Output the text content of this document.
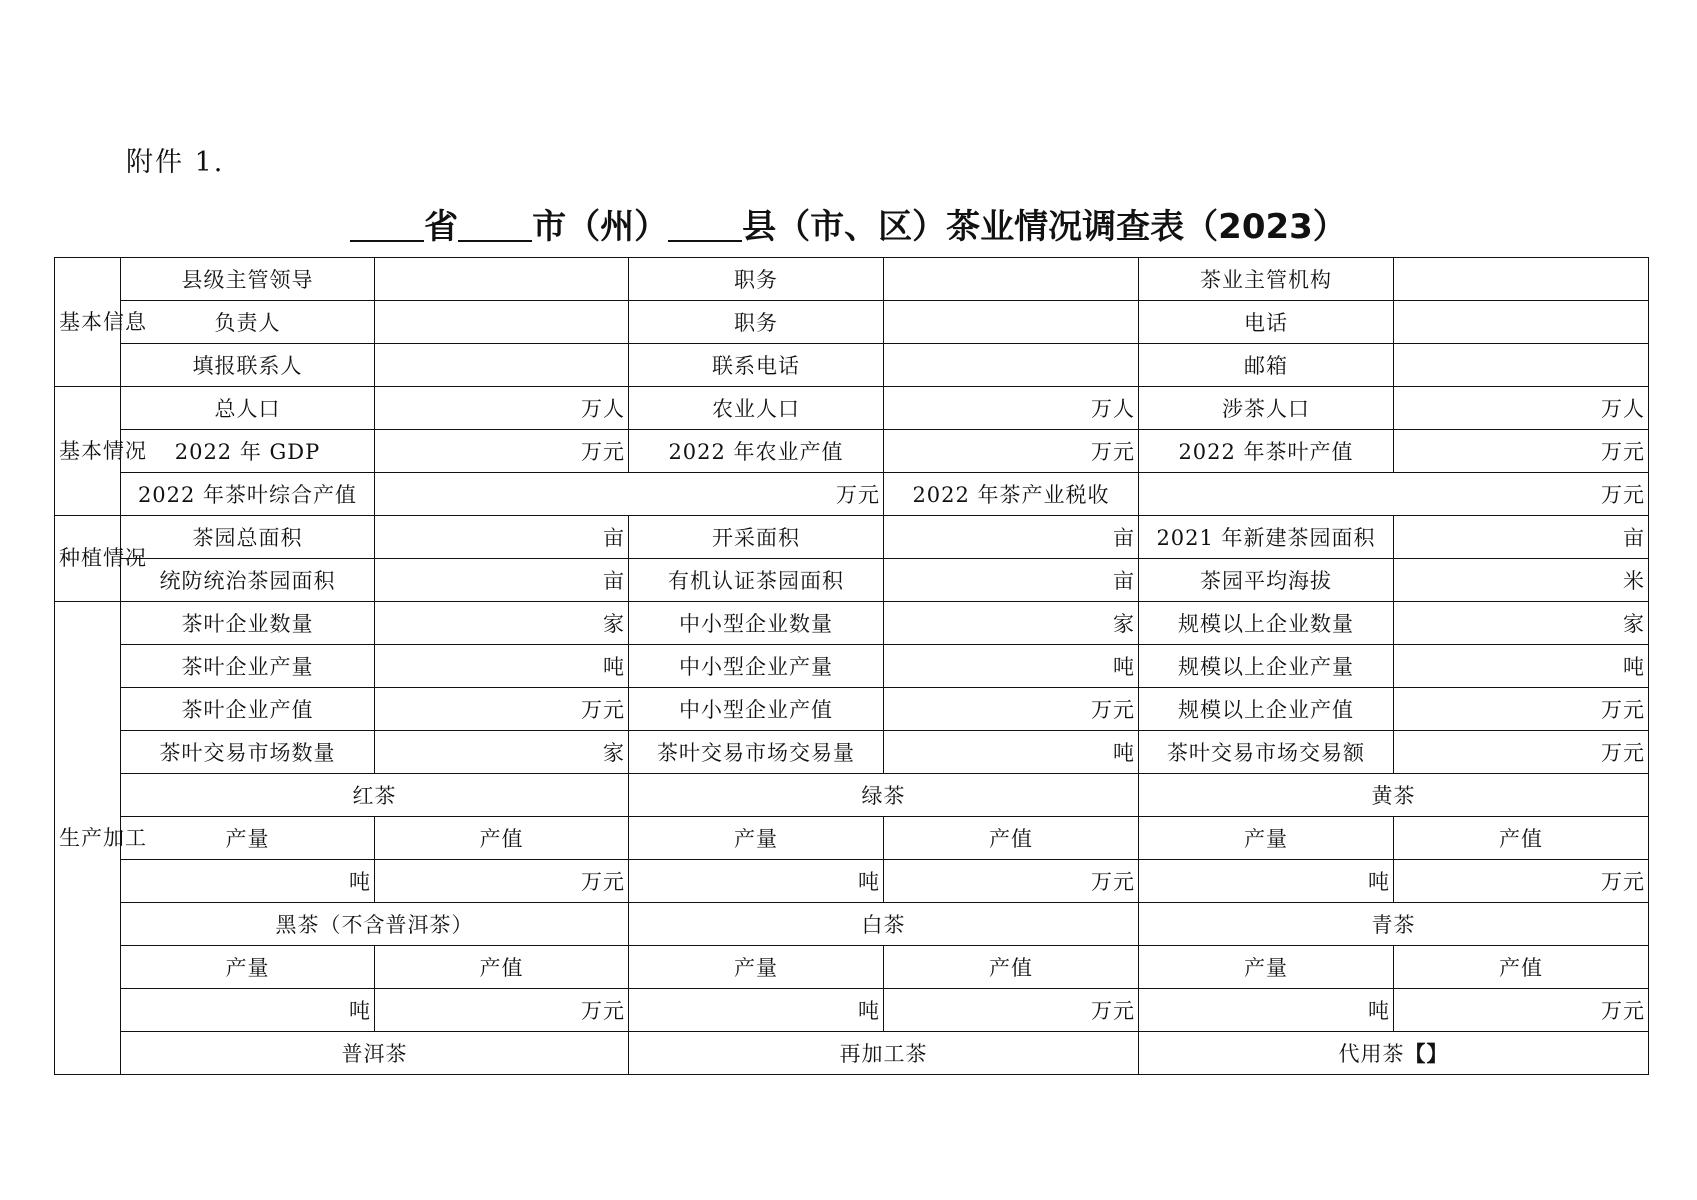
附件 1.
省 市（州） 县（市、区）茶业情况调查表（2023）
基本信息	县级主管领导		职务		茶业主管机构	
	负责人		职务		电话	
	填报联系人		联系电话		邮箱	
基本情况	总人口	万人	农业人口	万人	涉茶人口	万人
	2022 年 GDP	万元	2022 年农业产值	万元	2022 年茶叶产值	万元
	2022 年茶叶综合产值	万元		2022 年茶产业税收	万元	
种植情况	茶园总面积	亩	开采面积	亩	2021 年新建茶园面积	亩
	统防统治茶园面积	亩	有机认证茶园面积	亩	茶园平均海拔	米
生产加工	茶叶企业数量	家	中小型企业数量	家	规模以上企业数量	家
	茶叶企业产量	吨	中小型企业产量	吨	规模以上企业产量	吨
	茶叶企业产值	万元	中小型企业产值	万元	规模以上企业产值	万元
	茶叶交易市场数量	家	茶叶交易市场交易量	吨	茶叶交易市场交易额	万元
	红茶		绿茶		黄茶	
	产量	产值	产量	产值	产量	产值
	吨	万元	吨	万元	吨	万元
	黑茶（不含普洱茶）		白茶		青茶	
	产量	产值	产量	产值	产量	产值
	吨	万元	吨	万元	吨	万元
	普洱茶		再加工茶		代用茶【】	
